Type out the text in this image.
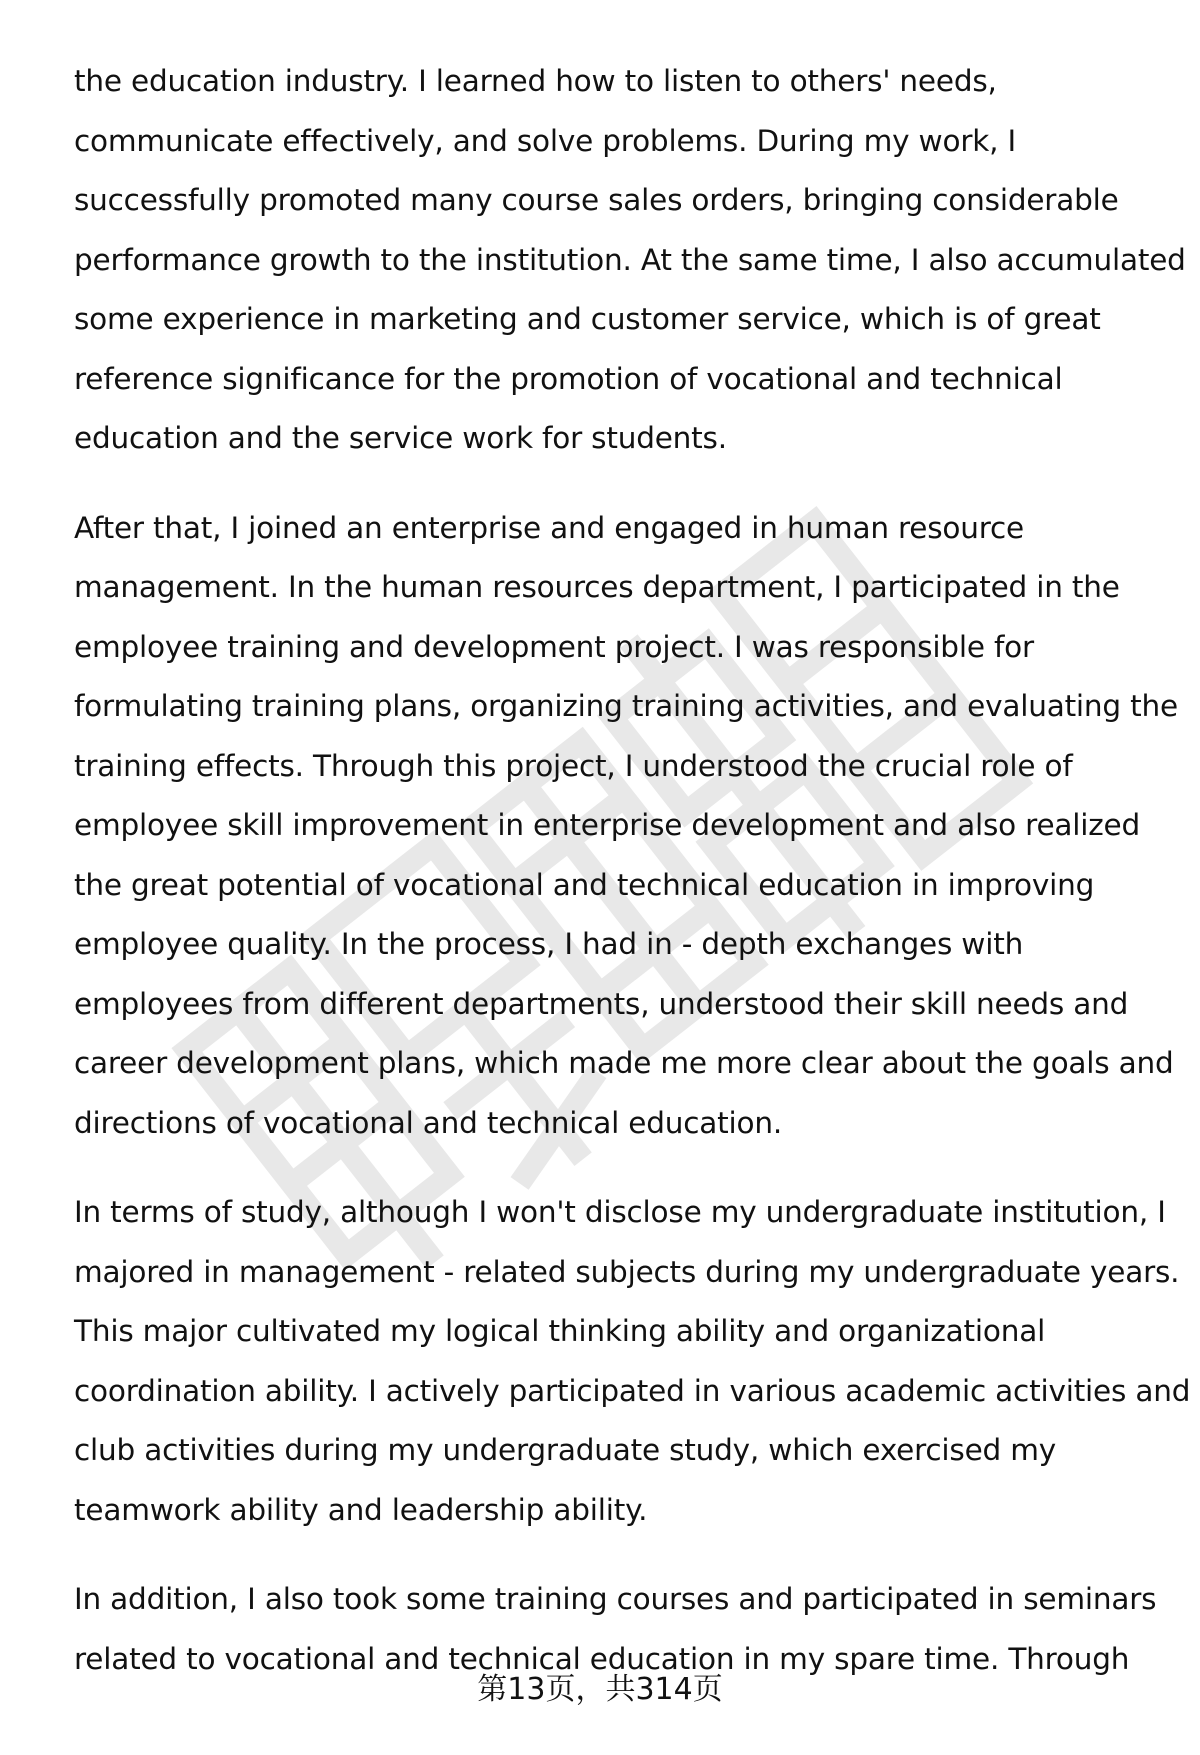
the education industry. I learned how to listen to others' needs,
communicate effectively, and solve problems. During my work, I
successfully promoted many course sales orders, bringing considerable
performance growth to the institution. At the same time, I also accumulated
some experience in marketing and customer service, which is of great
reference significance for the promotion of vocational and technical
education and the service work for students.

After that, I joined an enterprise and engaged in human resource
management. In the human resources department, I participated in the
employee training and development project. I was responsible for
formulating training plans, organizing training activities, and evaluating the
training effects. Through this project, I understood the crucial role of
employee skill improvement in enterprise development and also realized
the great potential of vocational and technical education in improving
employee quality. In the process, I had in - depth exchanges with
employees from different departments, understood their skill needs and
career development plans, which made me more clear about the goals and
directions of vocational and technical education.

In terms of study, although I won't disclose my undergraduate institution, I
majored in management - related subjects during my undergraduate years.
This major cultivated my logical thinking ability and organizational
coordination ability. I actively participated in various academic activities and
club activities during my undergraduate study, which exercised my
teamwork ability and leadership ability.

In addition, I also took some training courses and participated in seminars
related to vocational and technical education in my spare time. Through

第13页，共314页
